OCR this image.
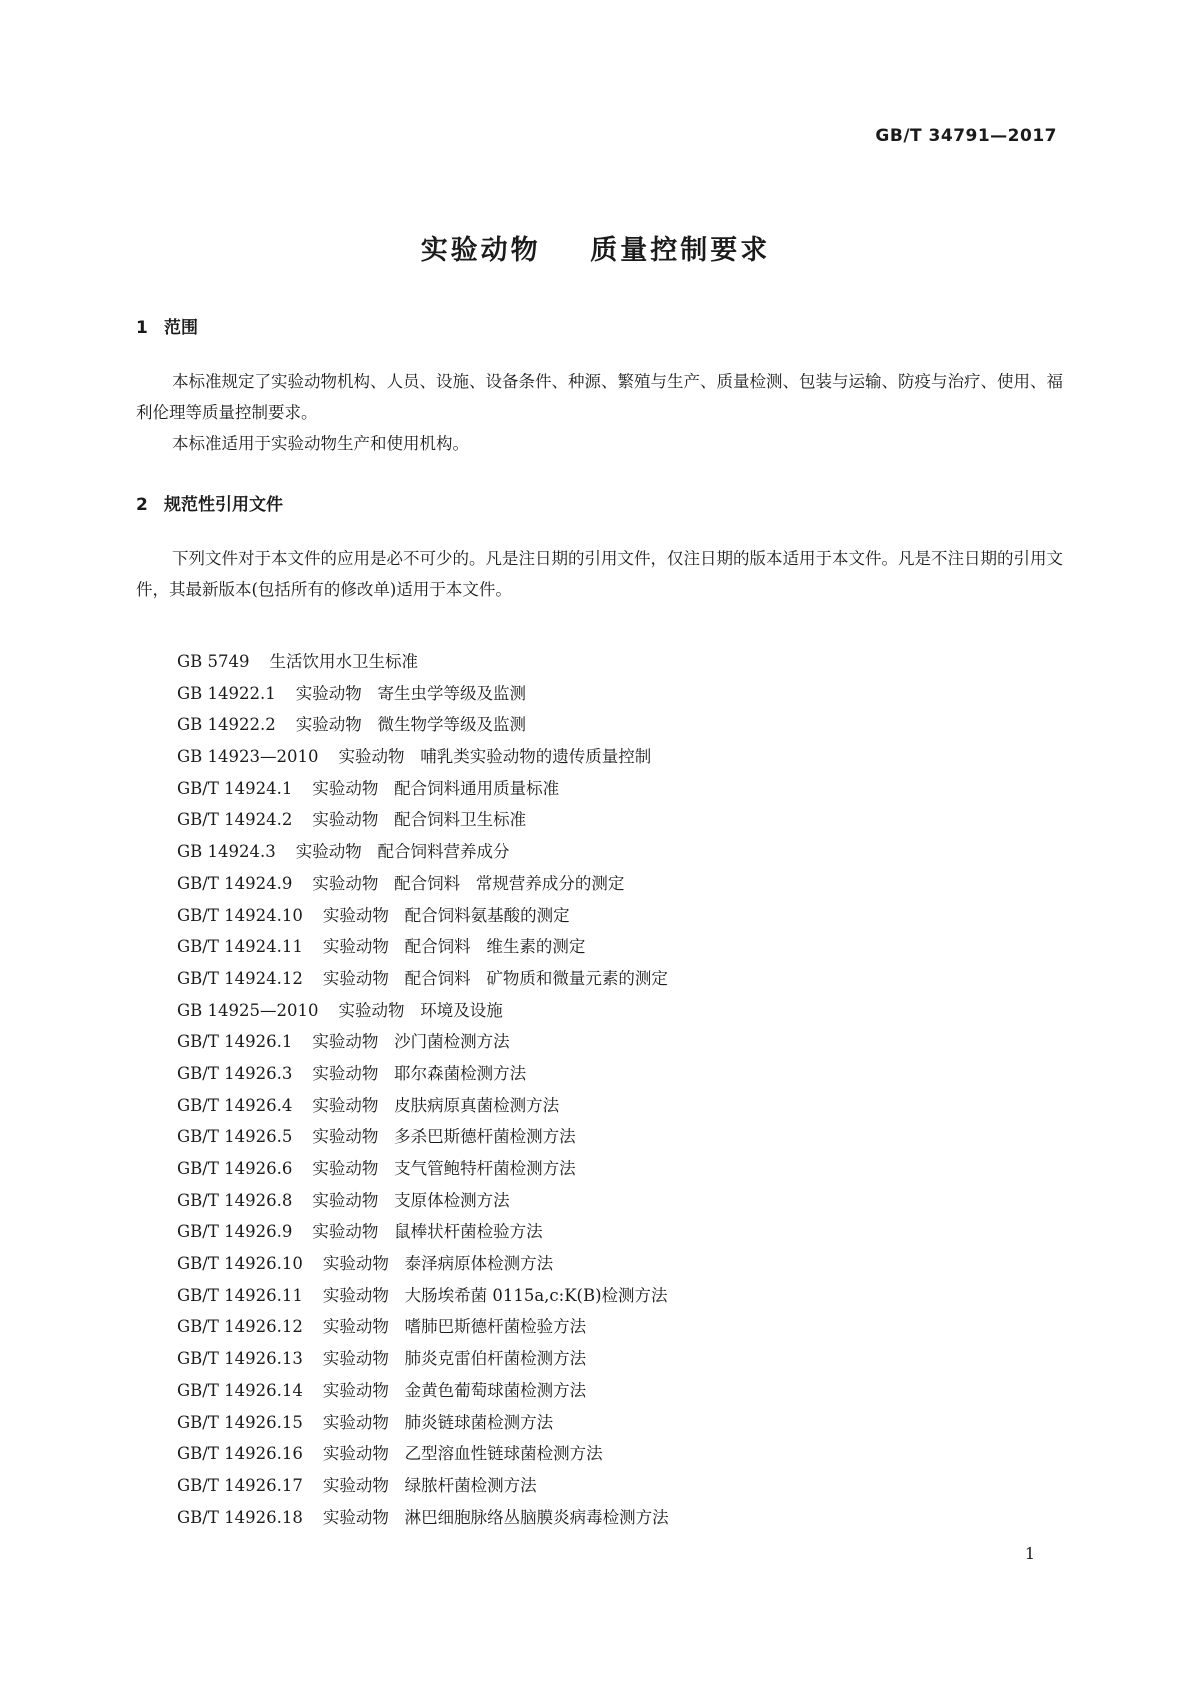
GB/T 34791—2017
实验动物    质量控制要求
1 范围

本标准规定了实验动物机构、人员、设施、设备条件、种源、繁殖与生产、质量检测、包装与运输、防疫与治疗、使用、福利伦理等质量控制要求。

本标准适用于实验动物生产和使用机构。

2 规范性引用文件

下列文件对于本文件的应用是必不可少的。凡是注日期的引用文件，仅注日期的版本适用于本文件。凡是不注日期的引用文件，其最新版本(包括所有的修改单)适用于本文件。

GB 5749 生活饮用水卫生标准
GB 14922.1 实验动物   寄生虫学等级及监测
GB 14922.2 实验动物   微生物学等级及监测
GB 14923—2010 实验动物   哺乳类实验动物的遗传质量控制
GB/T 14924.1 实验动物   配合饲料通用质量标准
GB/T 14924.2 实验动物   配合饲料卫生标准
GB 14924.3 实验动物   配合饲料营养成分
GB/T 14924.9 实验动物   配合饲料   常规营养成分的测定
GB/T 14924.10 实验动物   配合饲料氨基酸的测定
GB/T 14924.11 实验动物   配合饲料   维生素的测定
GB/T 14924.12 实验动物   配合饲料   矿物质和微量元素的测定
GB 14925—2010 实验动物   环境及设施
GB/T 14926.1 实验动物   沙门菌检测方法
GB/T 14926.3 实验动物   耶尔森菌检测方法
GB/T 14926.4 实验动物   皮肤病原真菌检测方法
GB/T 14926.5 实验动物   多杀巴斯德杆菌检测方法
GB/T 14926.6 实验动物   支气管鲍特杆菌检测方法
GB/T 14926.8 实验动物   支原体检测方法
GB/T 14926.9 实验动物   鼠棒状杆菌检验方法
GB/T 14926.10 实验动物   泰泽病原体检测方法
GB/T 14926.11 实验动物   大肠埃希菌 0115a,c:K(B)检测方法
GB/T 14926.12 实验动物   嗜肺巴斯德杆菌检验方法
GB/T 14926.13 实验动物   肺炎克雷伯杆菌检测方法
GB/T 14926.14 实验动物   金黄色葡萄球菌检测方法
GB/T 14926.15 实验动物   肺炎链球菌检测方法
GB/T 14926.16 实验动物   乙型溶血性链球菌检测方法
GB/T 14926.17 实验动物   绿脓杆菌检测方法
GB/T 14926.18 实验动物   淋巴细胞脉络丛脑膜炎病毒检测方法
1
